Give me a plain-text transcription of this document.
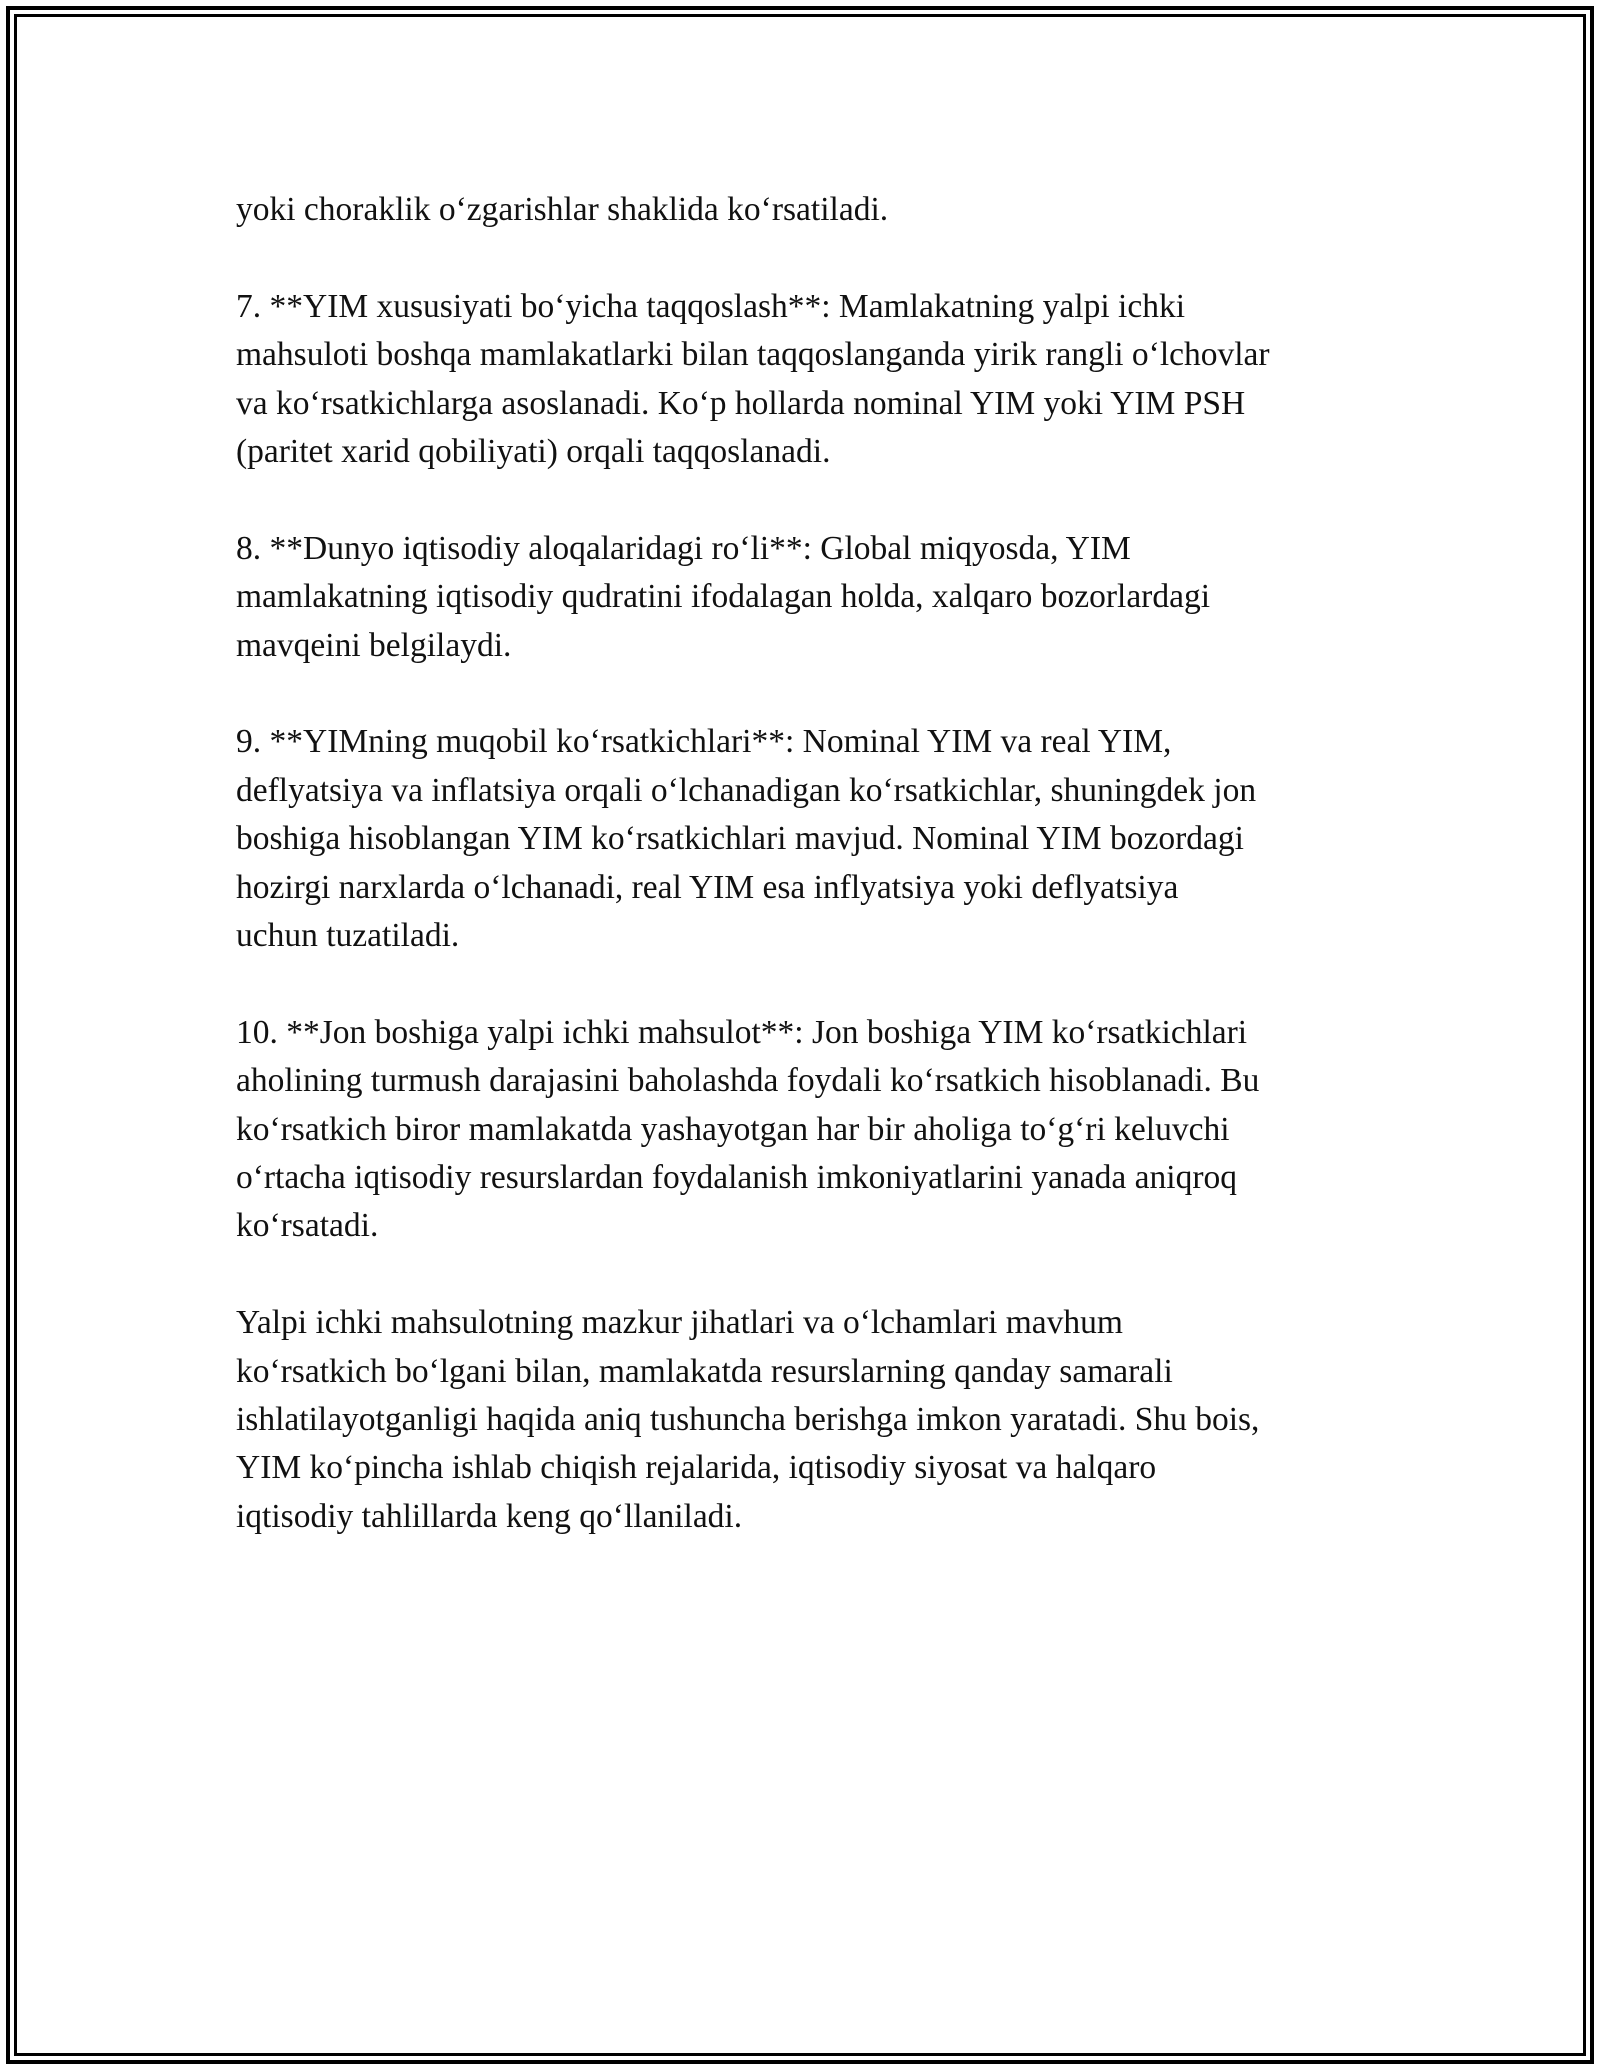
yoki choraklik o‘zgarishlar shaklida ko‘rsatiladi.

7. **YIM xususiyati bo‘yicha taqqoslash**: Mamlakatning yalpi ichki
mahsuloti boshqa mamlakatlarki bilan taqqoslanganda yirik rangli o‘lchovlar
va ko‘rsatkichlarga asoslanadi. Ko‘p hollarda nominal YIM yoki YIM PSH
(paritet xarid qobiliyati) orqali taqqoslanadi.

8. **Dunyo iqtisodiy aloqalaridagi ro‘li**: Global miqyosda, YIM
mamlakatning iqtisodiy qudratini ifodalagan holda, xalqaro bozorlardagi
mavqeini belgilaydi.

9. **YIMning muqobil ko‘rsatkichlari**: Nominal YIM va real YIM,
deflyatsiya va inflatsiya orqali o‘lchanadigan ko‘rsatkichlar, shuningdek jon
boshiga hisoblangan YIM ko‘rsatkichlari mavjud. Nominal YIM bozordagi
hozirgi narxlarda o‘lchanadi, real YIM esa inflyatsiya yoki deflyatsiya
uchun tuzatiladi.

10. **Jon boshiga yalpi ichki mahsulot**: Jon boshiga YIM ko‘rsatkichlari
aholining turmush darajasini baholashda foydali ko‘rsatkich hisoblanadi. Bu
ko‘rsatkich biror mamlakatda yashayotgan har bir aholiga to‘g‘ri keluvchi
o‘rtacha iqtisodiy resurslardan foydalanish imkoniyatlarini yanada aniqroq
ko‘rsatadi.

Yalpi ichki mahsulotning mazkur jihatlari va o‘lchamlari mavhum
ko‘rsatkich bo‘lgani bilan, mamlakatda resurslarning qanday samarali
ishlatilayotganligi haqida aniq tushuncha berishga imkon yaratadi. Shu bois,
YIM ko‘pincha ishlab chiqish rejalarida, iqtisodiy siyosat va halqaro
iqtisodiy tahlillarda keng qo‘llaniladi.
